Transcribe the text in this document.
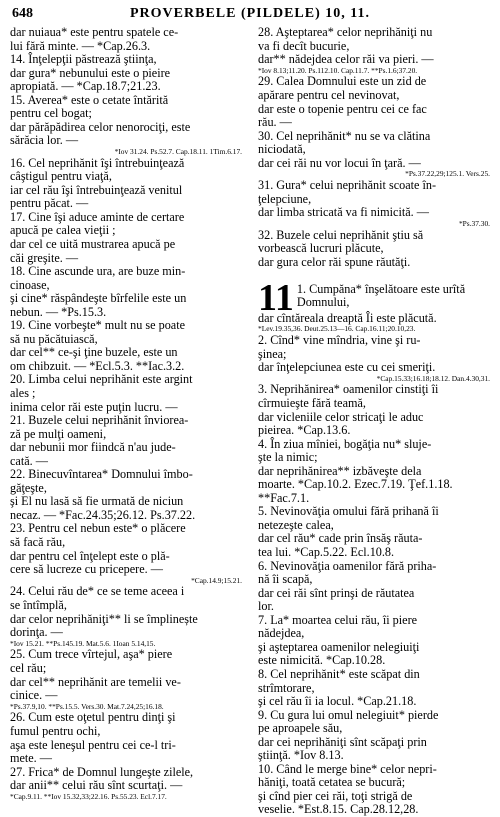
648	PROVERBELE (PILDELE) 10, 11.

dar nuiaua* este pentru spatele ce-

lui fără minte. — *Cap.26.3.

14. Înţelepţii păstrează ştiinţa,

dar gura* nebunului este o pieire

apropiată. — *Cap.18.7;21.23.

15. Averea* este o cetate întărită

pentru cel bogat;

dar părăpădirea celor nenorociţi, este

sărăcia lor. —

*Iov 31.24. Ps.52.7. Cap.18.11. 1Tim.6.17.

16. Cel neprihănit îşi întrebuinţează

câştigul pentru viaţă,

iar cel rău îşi întrebuinţează venitul

pentru păcat. —

17. Cine îşi aduce aminte de certare

apucă pe calea vieţii ;

dar cel ce uită mustrarea apucă pe

căi greşite. —

18. Cine ascunde ura, are buze min-

cinoase,

şi cine* răspândeşte bîrfelile este un

nebun. — *Ps.15.3.

19. Cine vorbeşte* mult nu se poate

să nu păcătuiască,

dar cel** ce-şi ţine buzele, este un

om chibzuit. — *Ecl.5.3. **Iac.3.2.

20. Limba celui neprihănit este argint

ales ;

inima celor răi este puţin lucru. —

21. Buzele celui neprihănit înviorea-

ză pe mulţi oameni,

dar nebunii mor fiindcă n'au jude-

cată. —

22. Binecuvîntarea* Domnului îmbo-

găţeşte,

şi El nu lasă să fie urmată de niciun

necaz. — *Fac.24.35;26.12. Ps.37.22.

23. Pentru cel nebun este* o plăcere

să facă rău,

dar pentru cel înţelept este o plă-

cere să lucreze cu pricepere. —

*Cap.14.9;15.21.

24. Celui rău de* ce se teme aceea i

se întîmplă,

dar celor neprihăniţi** li se împlinește

dorinţa. —

*Iov 15.21. **Ps.145.19. Mat.5.6. 1Ioan 5.14,15.

25. Cum trece vîrtejul, aşa* piere

cel rău;

dar cel** neprihănit are temelii ve-

cinice. —

*Ps.37.9,10. **Ps.15.5. Vers.30. Mat.7.24,25;16.18.

26. Cum este oţetul pentru dinţi şi

fumul pentru ochi,

aşa este leneşul pentru cei ce-l tri-

mete. —

27. Frica* de Domnul lungeşte zilele,

dar anii** celui rău sînt scurtaţi. —

*Cap.9.11. **Iov 15.32,33;22.16. Ps.55.23. Ecl.7.17.

28. Aşteptarea* celor neprihăniţi nu

va fi decît bucurie,

dar** nădejdea celor răi va pieri. —

*Iov 8.13;11.20. Ps.112.10. Cap.11.7. **Ps.1.6;37.20.

29. Calea Domnului este un zid de

apărare pentru cel nevinovat,

dar este o topenie pentru cei ce fac

rău. —

30. Cel neprihănit* nu se va clătina

niciodată,

dar cei răi nu vor locui în ţară. —

*Ps.37.22,29;125.1. Vers.25.

31. Gura* celui neprihănit scoate în-

ţelepciune,

dar limba stricată va fi nimicită. —

*Ps.37.30.

32. Buzele celui neprihănit ştiu să

vorbească lucruri plăcute,

dar gura celor răi spune răutăţi.

11 1. Cumpăna* înşelătoare este urîtă

Domnului,

dar cîntăreala dreaptă Îi este plăcută.

*Lev.19.35,36. Deut.25.13—16. Cap.16.11;20.10,23.

2. Cînd* vine mîndria, vine şi ru-

şinea;

dar înţelepciunea este cu cei smeriţi.

*Cap.15.33;16.18;18.12. Dan.4.30,31.

3. Neprihănirea* oamenilor cinstiţi îi

cîrmuieşte fără teamă,

dar vicleniile celor stricaţi le aduc

pieirea. *Cap.13.6.

4. În ziua mîniei, bogăţia nu* sluje-

şte la nimic;

dar neprihănirea** izbăveşte dela

moarte. *Cap.10.2. Ezec.7.19. Ţef.1.18. **Fac.7.1.

5. Nevinovăţia omului fără prihană îi

netezeşte calea,

dar cel rău* cade prin însăş răuta-

tea lui. *Cap.5.22. Ecl.10.8.

6. Nevinovăţia oamenilor fără priha-

nă îi scapă,

dar cei răi sînt prinşi de răutatea

lor.

7. La* moartea celui rău, îi piere

nădejdea,

şi aşteptarea oamenilor nelegiuiţi

este nimicită. *Cap.10.28.

8. Cel neprihănit* este scăpat din

strîmtorare,

şi cel rău îi ia locul. *Cap.21.18.

9. Cu gura lui omul nelegiuit* pierde

pe aproapele său,

dar cei neprihăniţi sînt scăpaţi prin

ştiinţă. *Iov 8.13.

10. Când le merge bine* celor nepri-

hăniţi, toată cetatea se bucură;

şi cînd pier cei răi, toţi strigă de

veselie. *Est.8.15. Cap.28.12,28.
